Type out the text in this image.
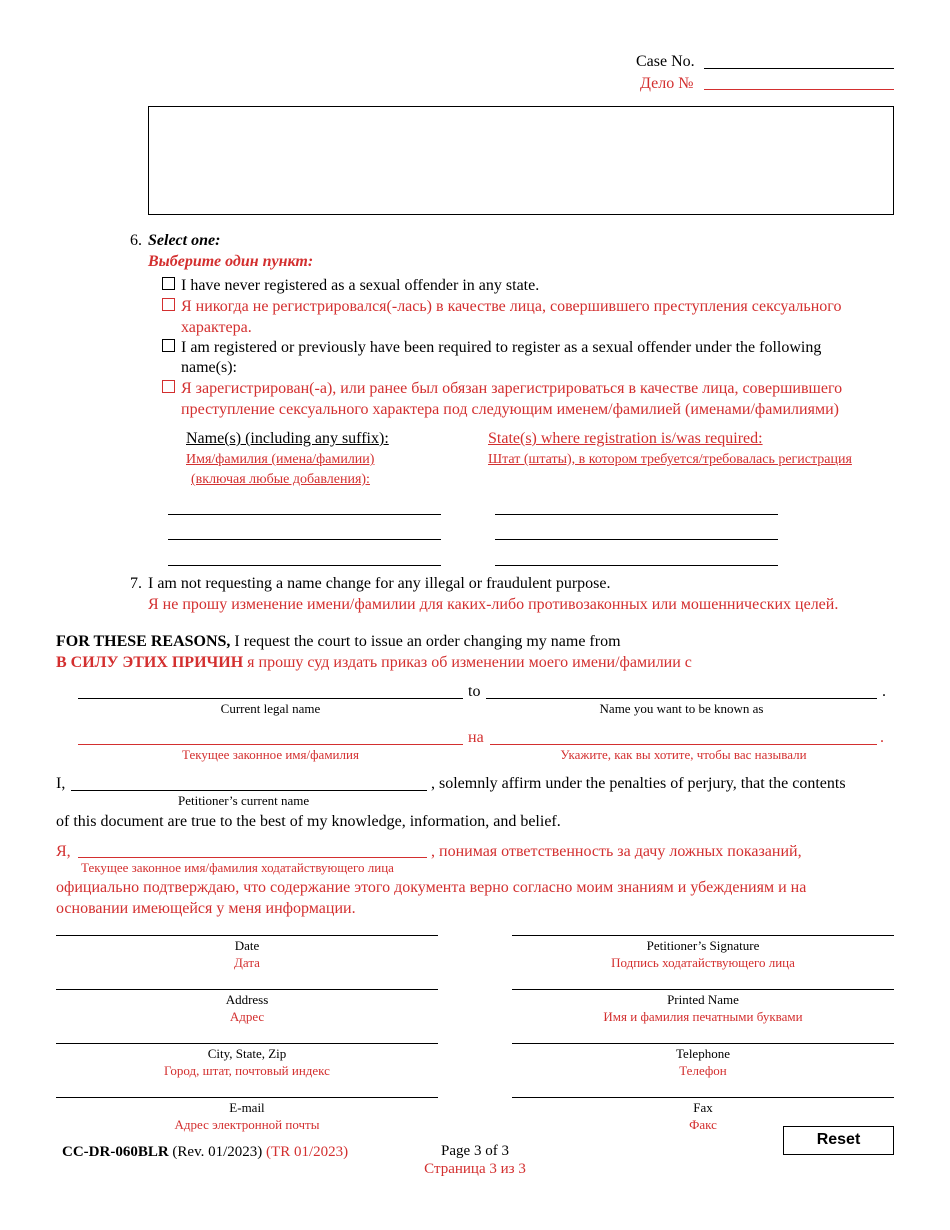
Case No.
Дело №
6. Select one:
Выберите один пункт:
I have never registered as a sexual offender in any state.
Я никогда не регистрировался(-лась) в качестве лица, совершившего преступления сексуального
характера.
I am registered or previously have been required to register as a sexual offender under the following
name(s):
Я зарегистрирован(-а), или ранее был обязан зарегистрироваться в качестве лица, совершившего
преступление сексуального характера под следующим именем/фамилией (именами/фамилиями)
Name(s) (including any suffix):	State(s) where registration is/was required:
Имя/фамилия (имена/фамилии)
(включая любые добавления):
Штат (штаты), в котором требуется/требовалась регистрация
7. I am not requesting a name change for any illegal or fraudulent purpose.
Я не прошу изменение имени/фамилии для каких-либо противозаконных или мошеннических целей.
FOR THESE REASONS, I request the court to issue an order changing my name from
В СИЛУ ЭТИХ ПРИЧИН я прошу суд издать приказ об изменении моего имени/фамилии с
to	.
Current legal name	Name you want to be known as
на	.
Текущее законное имя/фамилия	Укажите, как вы хотите, чтобы вас называли
I,	, solemnly affirm under the penalties of perjury, that the contents
Petitioner’s current name
of this document are true to the best of my knowledge, information, and belief.
Я,	, понимая ответственность за дачу ложных показаний,
Текущее законное имя/фамилия ходатайствующего лица
официально подтверждаю, что содержание этого документа верно согласно моим знаниям и убеждениям и на
основании имеющейся у меня информации.
Date
Дата
Address
Адрес
City, State, Zip
Город, штат, почтовый индекс
E-mail
Адрес электронной почты
Petitioner’s Signature
Подпись ходатайствующего лица
Printed Name
Имя и фамилия печатными буквами
Telephone
Телефон
Fax
Факс
Reset
CC-DR-060BLR (Rev. 01/2023) (TR 01/2023)	Page 3 of 3
Страница 3 из 3
